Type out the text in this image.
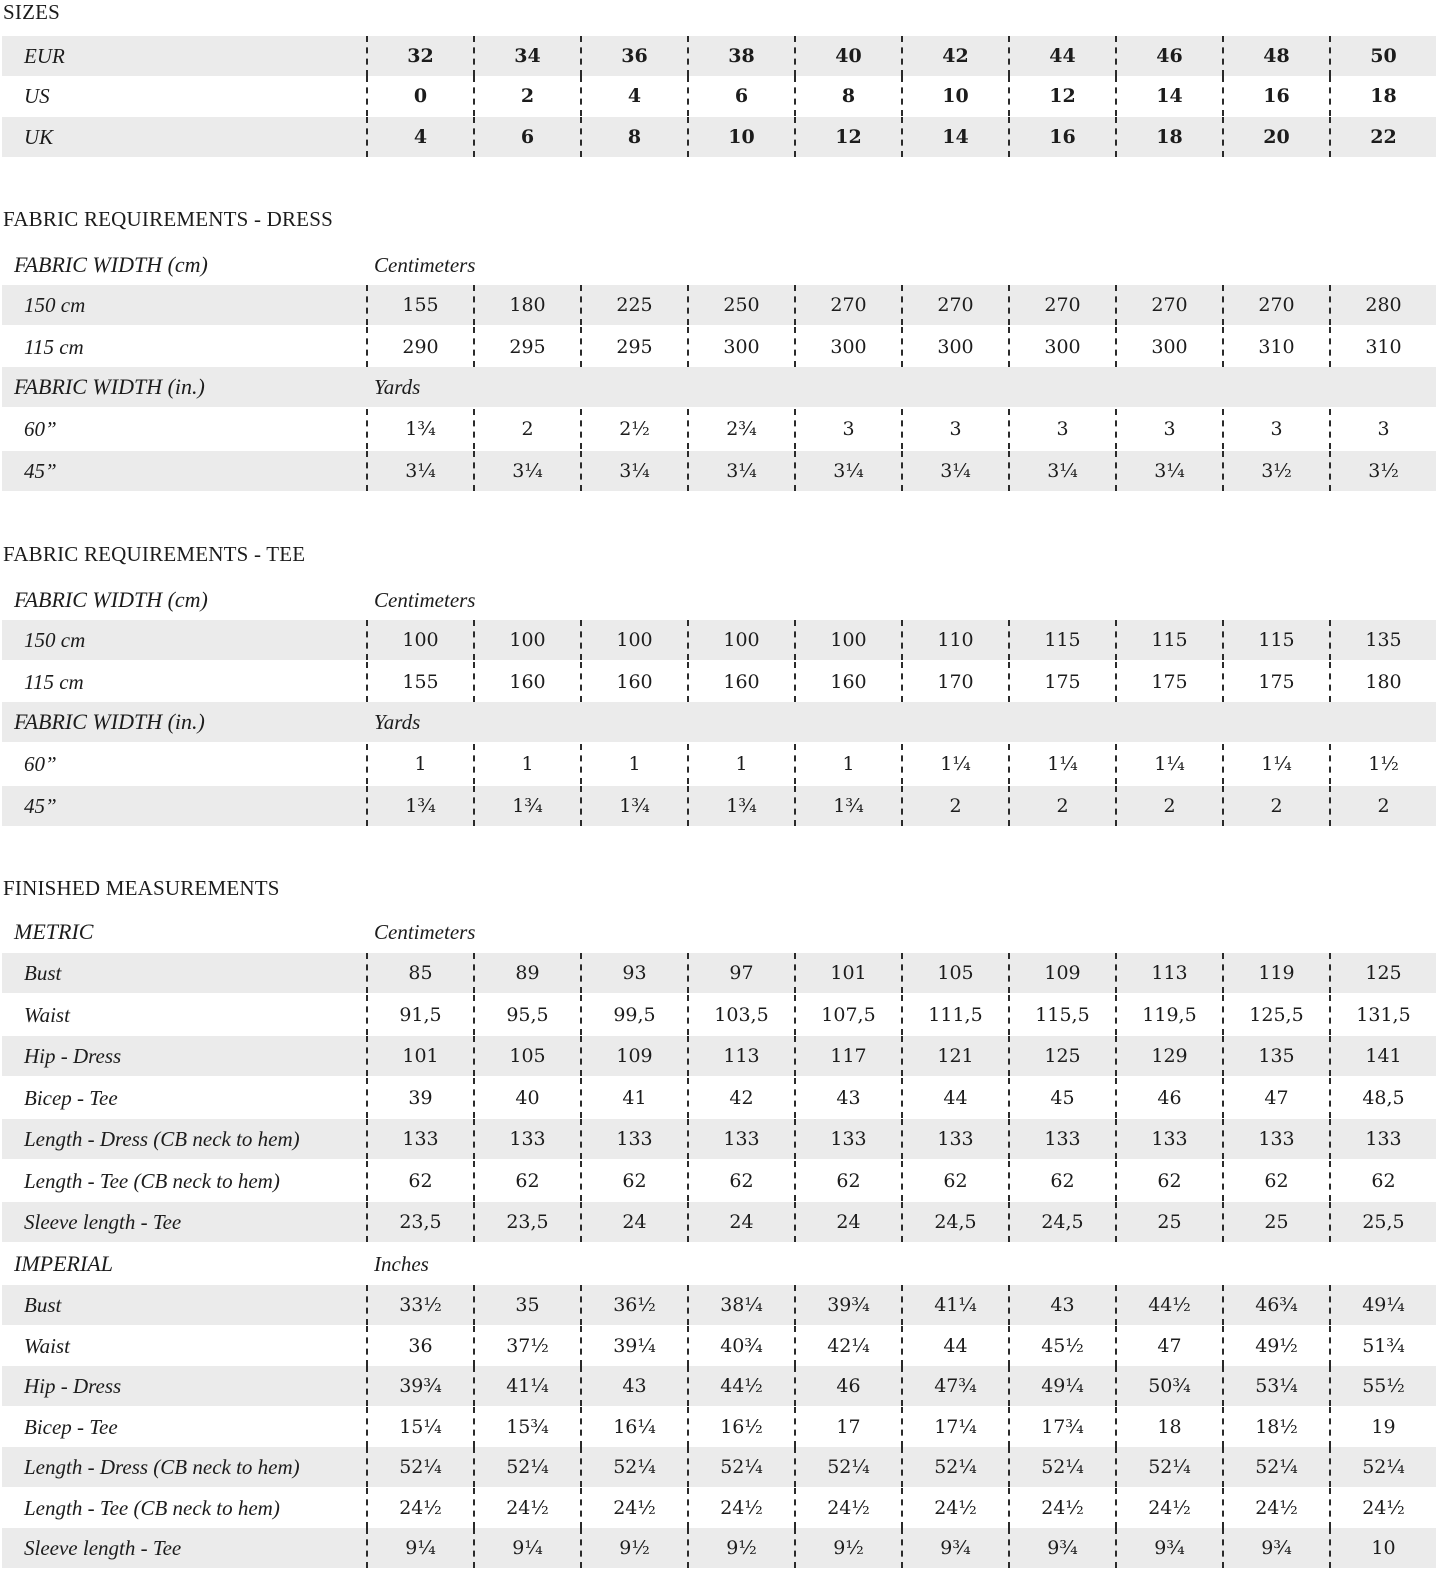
SIZES
EUR	32	34	36	38	40	42	44	46	48	50
US	0	2	4	6	8	10	12	14	16	18
UK	4	6	8	10	12	14	16	18	20	22
FABRIC REQUIREMENTS - DRESS
FABRIC WIDTH (cm)	Centimeters
150 cm	155	180	225	250	270	270	270	270	270	280
115 cm	290	295	295	300	300	300	300	300	310	310
FABRIC WIDTH (in.)	Yards
60”	1¾	2	2½	2¾	3	3	3	3	3	3
45”	3¼	3¼	3¼	3¼	3¼	3¼	3¼	3¼	3½	3½
FABRIC REQUIREMENTS - TEE
FABRIC WIDTH (cm)	Centimeters
150 cm	100	100	100	100	100	110	115	115	115	135
115 cm	155	160	160	160	160	170	175	175	175	180
FABRIC WIDTH (in.)	Yards
60”	1	1	1	1	1	1¼	1¼	1¼	1¼	1½
45”	1¾	1¾	1¾	1¾	1¾	2	2	2	2	2
FINISHED MEASUREMENTS
METRIC	Centimeters
Bust	85	89	93	97	101	105	109	113	119	125
Waist	91,5	95,5	99,5	103,5	107,5	111,5	115,5	119,5	125,5	131,5
Hip - Dress	101	105	109	113	117	121	125	129	135	141
Bicep - Tee	39	40	41	42	43	44	45	46	47	48,5
Length - Dress (CB neck to hem)	133	133	133	133	133	133	133	133	133	133
Length - Tee (CB neck to hem)	62	62	62	62	62	62	62	62	62	62
Sleeve length - Tee	23,5	23,5	24	24	24	24,5	24,5	25	25	25,5
IMPERIAL	Inches
Bust	33½	35	36½	38¼	39¾	41¼	43	44½	46¾	49¼
Waist	36	37½	39¼	40¾	42¼	44	45½	47	49½	51¾
Hip - Dress	39¾	41¼	43	44½	46	47¾	49¼	50¾	53¼	55½
Bicep - Tee	15¼	15¾	16¼	16½	17	17¼	17¾	18	18½	19
Length - Dress (CB neck to hem)	52¼	52¼	52¼	52¼	52¼	52¼	52¼	52¼	52¼	52¼
Length - Tee (CB neck to hem)	24½	24½	24½	24½	24½	24½	24½	24½	24½	24½
Sleeve length - Tee	9¼	9¼	9½	9½	9½	9¾	9¾	9¾	9¾	10
